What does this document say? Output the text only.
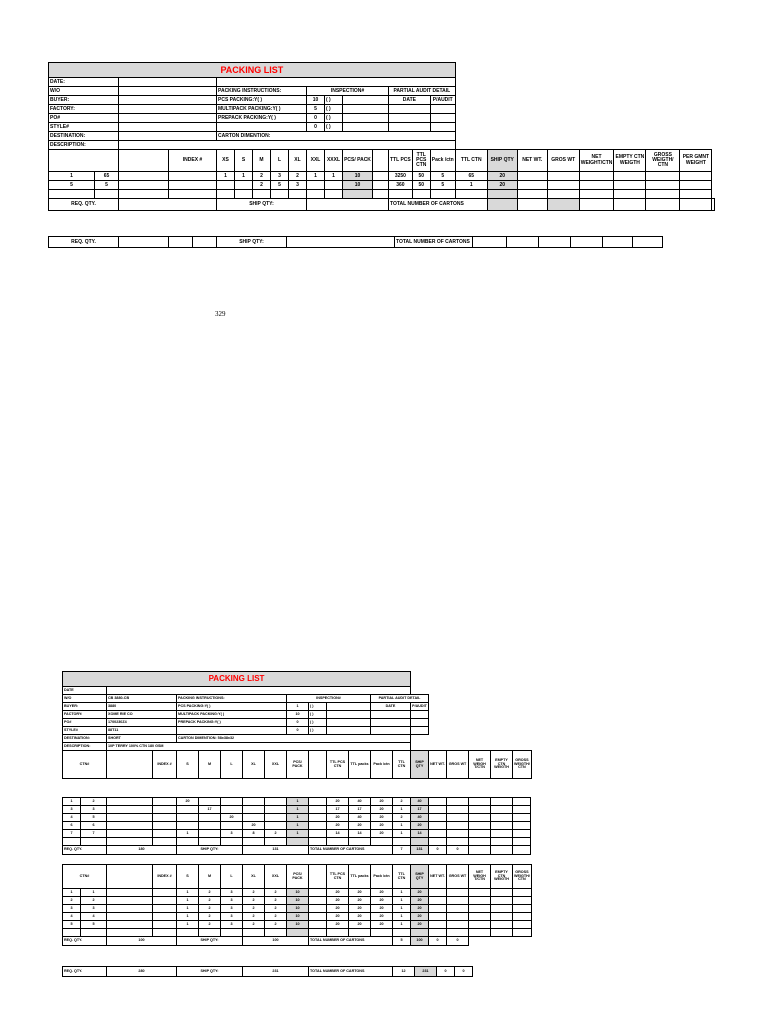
PACKING LIST																								
DATE:																								
W/O				PACKING INSTRUCTIONS:					INSPECTION#				PARTIAL AUDIT DETAIL											
BUYER:				PCS PACKING:Y( )					10	( )			DATE		P/AUDIT									
FACTORY:				MULTIPACK PACKING:Y( )					5	( )														
PO#				PREPACK PACKING:Y( )					0	( )														
STYLE#									0	( )														
DESTINATION:				CARTON DIMENTION:																				
DESCRIPTION:																								
			INDEX #	XS	S	M	L	XL	XXL	XXXL	PCS/ PACK		TTL PCS	TTL PCS CTN	Pack /ctn	TTL CTN	SHIP QTY	NET WT.	GROS WT	NET WEIGHT/CTN	EMPTY CTN WEIGTH	GROSS WEIGTH/ CTN	PER GMNT WEIGHT	
1	65			1	1	2	3	2	1	1	10		3250	50	5	65	20							
5	5					2	5	3			10		360	50	5	1	20							

REQ. QTY.				SHIP QTY:									TOTAL NUMBER OF CARTONS											
REQ. QTY.				SHIP QTY:		TOTAL NUMBER OF CARTONS						
329
PACKING LIST																			
DATE																			
W/O	CB 3880-CB		PACKING INSTRUCTIONS:					INSPECTION#				PARTIAL AUDIT DETAIL							
BUYER:	3880		PCS PACKING:Y( )					1	( )			DATE		P/AUDIT					
FACTORY:	XOME RIE CO		MULTIPACK PACKING:Y( )					10	( )										
PO#	1700230Z4		PREPACK PACKING:Y( )					0	( )										
STYLE#	88T11							0	( )										
DESTINATION:	SHORT		CARTON DIMENTION: 58x38x32																
DESCRIPTION:	10P TERRY 100% CTN 180 GSM																		
CTN#		INDEX #	S	M	L	XL	XXL	PCS/ PACK		TTL PCS CTN	TTL packs	Pack /ctn	TTL CTN	SHIP QTY	NET WT.	GROS WT	NET WEIGH T/CTN	EMPTY CTN WEIGTH	GROSS WEIGTH/ CTN
1	2			20					1		20	40	20	2	40					
3	3				17				1		17	17	20	1	17					
4	5					20			1		20	40	20	2	40					
6	6						20		1		20	20	20	1	20					
7	7			1		3	8	2	1		14	14	20	1	14					

REQ. QTY.		180		SHIP QTY:			131			TOTAL NUMBER OF CARTONS				7	131	0	0			
CTN#			INDEX #	S	M	L	XL	XXL	PCS/ PACK		TTL PCS CTN	TTL packs	Pack /ctn	TTL CTN	SHIP QTY	NET WT.	GROS WT	NET WEIGH T/CTN	EMPTY CTN WEIGTH	GROSS WEIGTH/ CTN
1	1			1	2	3	2	2	10		20	20	20	1	20					
2	2			1	2	3	2	2	10		20	20	20	1	20					
3	3			1	2	3	2	2	10		20	20	20	1	20					
4	4			1	2	3	2	2	10		20	20	20	1	20					
5	5			1	2	3	2	2	10		20	20	20	1	20					

REQ. QTY.		100		SHIP QTY:			100			TOTAL NUMBER OF CARTONS				5	100	0	0			
REQ. QTY.	280	SHIP QTY:	231	TOTAL NUMBER OF CARTONS	12	231	0	0
